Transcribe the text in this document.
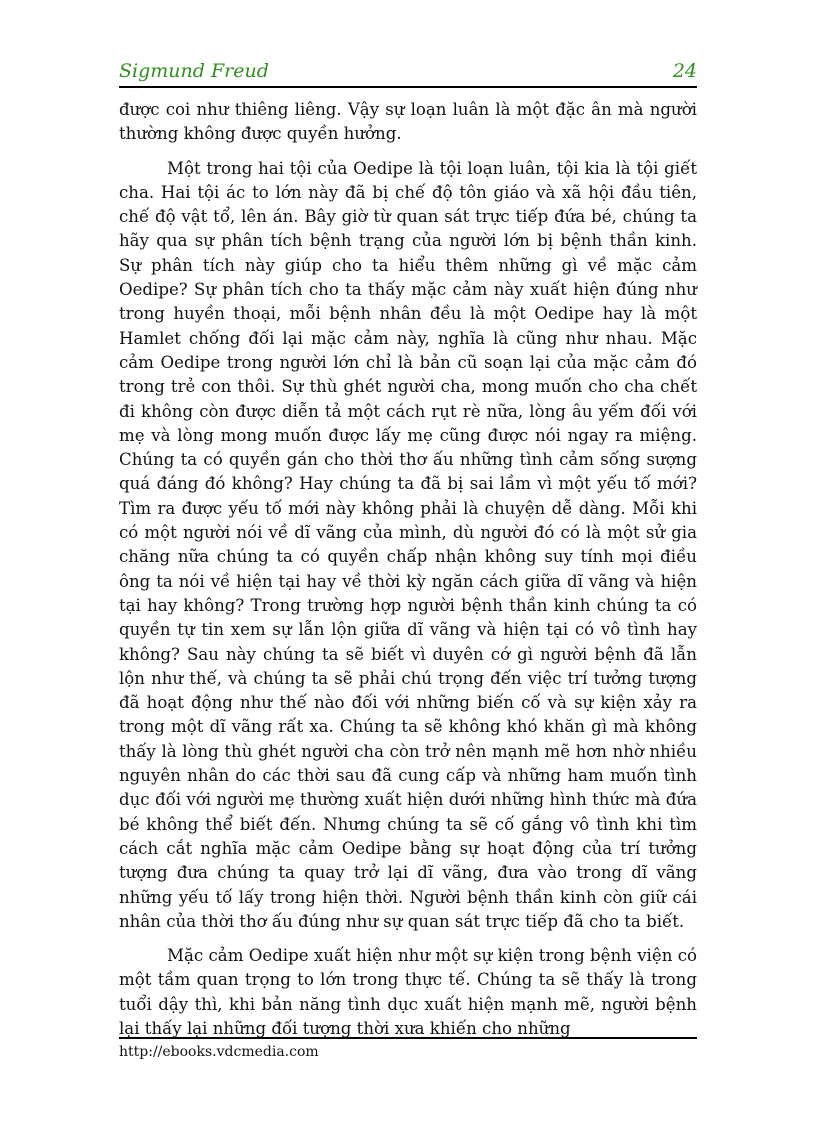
Sigmund Freud	24

được coi như thiêng liêng. Vậy sự loạn luân là một đặc ân mà người thường không được quyền hưởng.

Một trong hai tội của Oedipe là tội loạn luân, tội kia là tội giết cha. Hai tội ác to lớn này đã bị chế độ tôn giáo và xã hội đầu tiên, chế độ vật tổ, lên án. Bây giờ từ quan sát trực tiếp đứa bé, chúng ta hãy qua sự phân tích bệnh trạng của người lớn bị bệnh thần kinh. Sự phân tích này giúp cho ta hiểu thêm những gì về mặc cảm Oedipe? Sự phân tích cho ta thấy mặc cảm này xuất hiện đúng như trong huyền thoại, mỗi bệnh nhân đều là một Oedipe hay là một Hamlet chống đối lại mặc cảm này, nghĩa là cũng như nhau. Mặc cảm Oedipe trong người lớn chỉ là bản cũ soạn lại của mặc cảm đó trong trẻ con thôi. Sự thù ghét người cha, mong muốn cho cha chết đi không còn được diễn tả một cách rụt rè nữa, lòng âu yếm đối với mẹ và lòng mong muốn được lấy mẹ cũng được nói ngay ra miệng. Chúng ta có quyền gán cho thời thơ ấu những tình cảm sống sượng quá đáng đó không? Hay chúng ta đã bị sai lầm vì một yếu tố mới? Tìm ra được yếu tố mới này không phải là chuyện dễ dàng. Mỗi khi có một người nói về dĩ vãng của mình, dù người đó có là một sử gia chăng nữa chúng ta có quyền chấp nhận không suy tính mọi điều ông ta nói về hiện tại hay về thời kỳ ngăn cách giữa dĩ vãng và hiện tại hay không? Trong trường hợp người bệnh thần kinh chúng ta có quyền tự tin xem sự lẫn lộn giữa dĩ vãng và hiện tại có vô tình hay không? Sau này chúng ta sẽ biết vì duyên cớ gì người bệnh đã lẫn lộn như thế, và chúng ta sẽ phải chú trọng đến việc trí tưởng tượng đã hoạt động như thế nào đối với những biến cố và sự kiện xảy ra trong một dĩ vãng rất xa. Chúng ta sẽ không khó khăn gì mà không thấy là lòng thù ghét người cha còn trở nên mạnh mẽ hơn nhờ nhiều nguyên nhân do các thời sau đã cung cấp và những ham muốn tình dục đối với người mẹ thường xuất hiện dưới những hình thức mà đứa bé không thể biết đến. Nhưng chúng ta sẽ cố gắng vô tình khi tìm cách cắt nghĩa mặc cảm Oedipe bằng sự hoạt động của trí tưởng tượng đưa chúng ta quay trở lại dĩ vãng, đưa vào trong dĩ vãng những yếu tố lấy trong hiện thời. Người bệnh thần kinh còn giữ cái nhân của thời thơ ấu đúng như sự quan sát trực tiếp đã cho ta biết.

Mặc cảm Oedipe xuất hiện như một sự kiện trong bệnh viện có một tầm quan trọng to lớn trong thực tế. Chúng ta sẽ thấy là trong tuổi dậy thì, khi bản năng tình dục xuất hiện mạnh mẽ, người bệnh lại thấy lại những đối tượng thời xưa khiến cho những

http://ebooks.vdcmedia.com
